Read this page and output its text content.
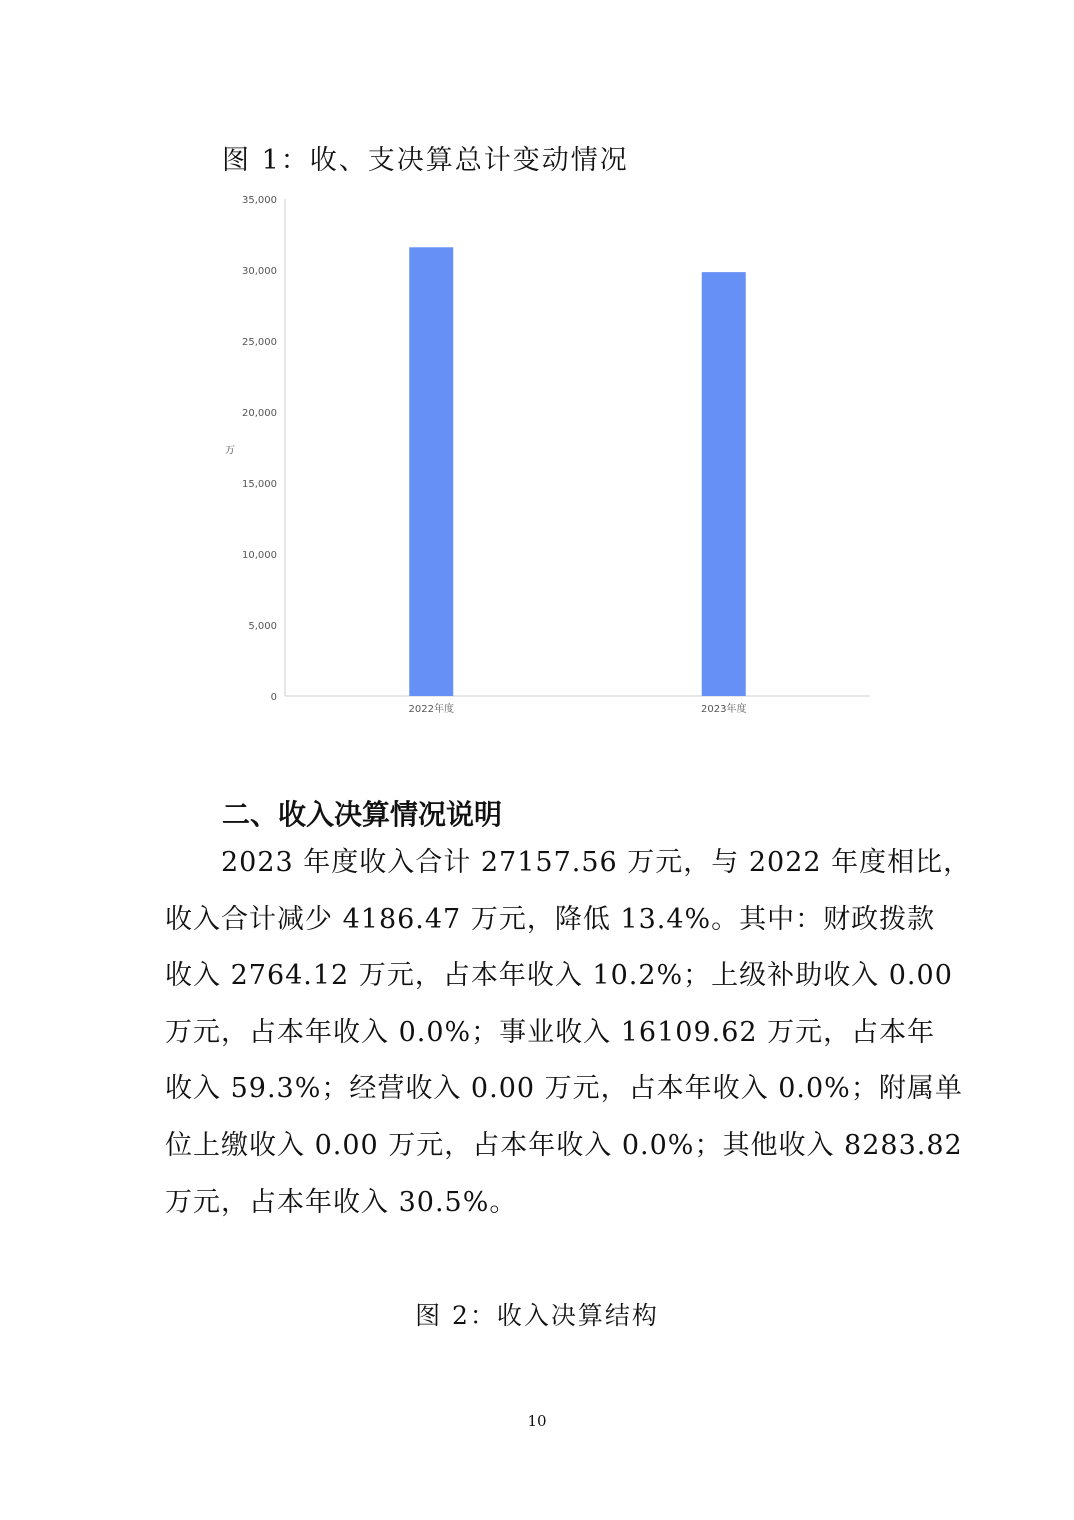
图 1：收、支决算总计变动情况
0
5,000
10,000
15,000
20,000
25,000
30,000
35,000
万
2022年度	2023年度
二、收入决算情况说明
　　2023 年度收入合计 27157.56 万元，与 2022 年度相比，
收入合计减少 4186.47 万元，降低 13.4%。其中：财政拨款
收入 2764.12 万元，占本年收入 10.2%；上级补助收入 0.00
万元，占本年收入 0.0%；事业收入 16109.62 万元，占本年
收入 59.3%；经营收入 0.00 万元，占本年收入 0.0%；附属单
位上缴收入 0.00 万元，占本年收入 0.0%；其他收入 8283.82
万元，占本年收入 30.5%。
图 2：收入决算结构
10
